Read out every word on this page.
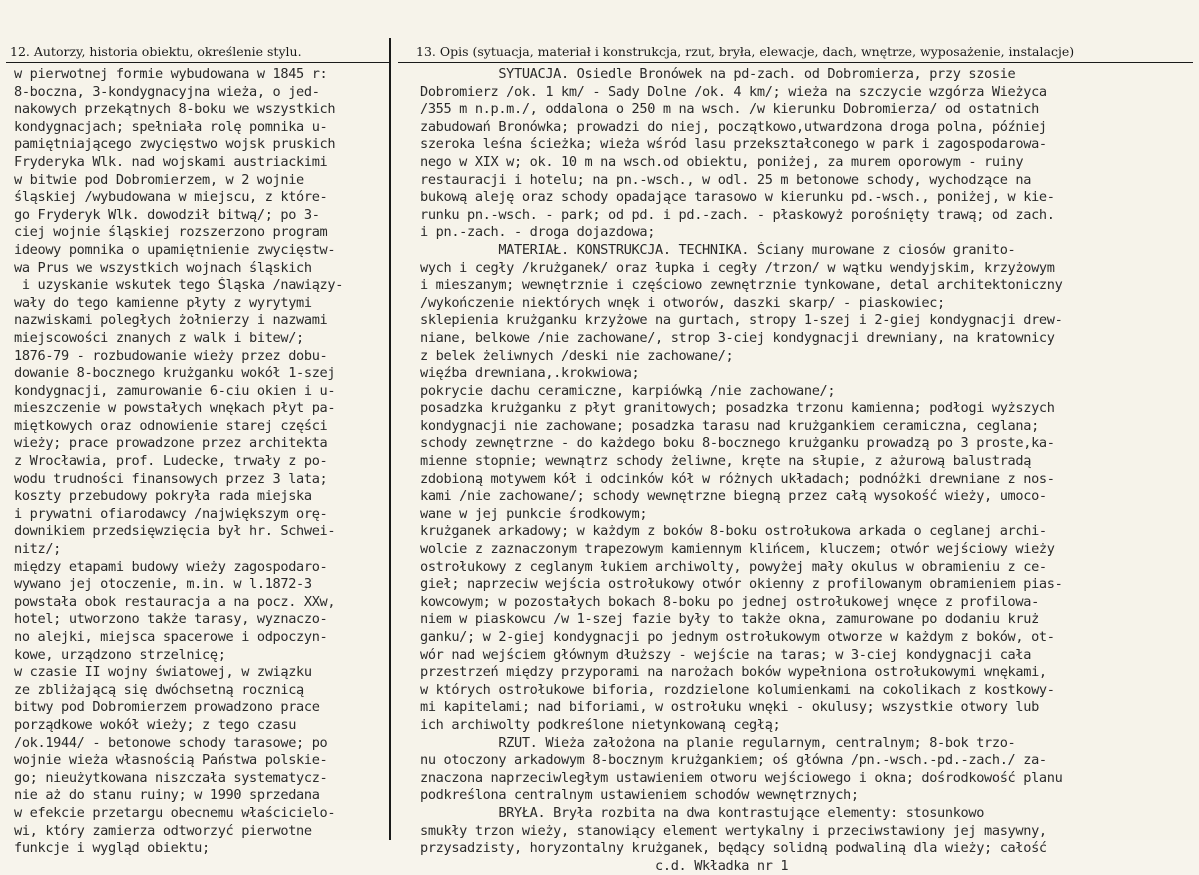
12. Autorzy, historia obiektu, określenie stylu.
w pierwotnej formie wybudowana w 1845 r:
8-boczna, 3-kondygnacyjna wieża, o jed-
nakowych przekątnych 8-boku we wszystkich
kondygnacjach; spełniała rolę pomnika u-
pamiętniającego zwycięstwo wojsk pruskich
Fryderyka Wlk. nad wojskami austriackimi
w bitwie pod Dobromierzem, w 2 wojnie
śląskiej /wybudowana w miejscu, z które-
go Fryderyk Wlk. dowodził bitwą/; po 3-
ciej wojnie śląskiej rozszerzono program
ideowy pomnika o upamiętnienie zwycięstw-
wa Prus we wszystkich wojnach śląskich
i uzyskanie wskutek tego Śląska /nawiązy-
wały do tego kamienne płyty z wyrytymi
nazwiskami poległych żołnierzy i nazwami
miejscowości znanych z walk i bitew/;
1876-79 - rozbudowanie wieży przez dobu-
dowanie 8-bocznego krużganku wokół 1-szej
kondygnacji, zamurowanie 6-ciu okien i u-
mieszczenie w powstałych wnękach płyt pa-
miętkowych oraz odnowienie starej części
wieży; prace prowadzone przez architekta
z Wrocławia, prof. Ludecke, trwały z po-
wodu trudności finansowych przez 3 lata;
koszty przebudowy pokryła rada miejska
i prywatni ofiarodawcy /największym orę-
downikiem przedsięwzięcia był hr. Schwei-
nitz/;
między etapami budowy wieży zagospodaro-
wywano jej otoczenie, m.in. w l.1872-3
powstała obok restauracja a na pocz. XXw,
hotel; utworzono także tarasy, wyznaczo-
no alejki, miejsca spacerowe i odpoczyn-
kowe, urządzono strzelnicę;
w czasie II wojny światowej, w związku
ze zbliżającą się dwóchsetną rocznicą
bitwy pod Dobromierzem prowadzono prace
porządkowe wokół wieży; z tego czasu
/ok.1944/ - betonowe schody tarasowe; po
wojnie wieża własnością Państwa polskie-
go; nieużytkowana niszczała systematycz-
nie aż do stanu ruiny; w 1990 sprzedana
w efekcie przetargu obecnemu właścicielo-
wi, który zamierza odtworzyć pierwotne
funkcje i wygląd obiektu;
13. Opis (sytuacja, materiał i konstrukcja, rzut, bryła, elewacje, dach, wnętrze, wyposażenie, instalacje)
SYTUACJA. Osiedle Bronówek na pd-zach. od Dobromierza, przy szosie
Dobromierz /ok. 1 km/ - Sady Dolne /ok. 4 km/; wieża na szczycie wzgórza Wieżyca
/355 m n.p.m./, oddalona o 250 m na wsch. /w kierunku Dobromierza/ od ostatnich
zabudowań Bronówka; prowadzi do niej, początkowo,utwardzona droga polna, później
szeroka leśna ścieżka; wieża wśród lasu przekształconego w park i zagospodarowa-
nego w XIX w; ok. 10 m na wsch.od obiektu, poniżej, za murem oporowym - ruiny
restauracji i hotelu; na pn.-wsch., w odl. 25 m betonowe schody, wychodzące na
bukową aleję oraz schody opadające tarasowo w kierunku pd.-wsch., poniżej, w kie-
runku pn.-wsch. - park; od pd. i pd.-zach. - płaskowyż porośnięty trawą; od zach.
i pn.-zach. - droga dojazdowa;
MATERIAŁ. KONSTRUKCJA. TECHNIKA. Ściany murowane z ciosów granito-
wych i cegły /krużganek/ oraz łupka i cegły /trzon/ w wątku wendyjskim, krzyżowym
i mieszanym; wewnętrznie i częściowo zewnętrznie tynkowane, detal architektoniczny
/wykończenie niektórych wnęk i otworów, daszki skarp/ - piaskowiec;
sklepienia krużganku krzyżowe na gurtach, stropy 1-szej i 2-giej kondygnacji drew-
niane, belkowe /nie zachowane/, strop 3-ciej kondygnacji drewniany, na kratownicy
z belek żeliwnych /deski nie zachowane/;
więźba drewniana,.krokwiowa;
pokrycie dachu ceramiczne, karpiówką /nie zachowane/;
posadzka krużganku z płyt granitowych; posadzka trzonu kamienna; podłogi wyższych
kondygnacji nie zachowane; posadzka tarasu nad krużgankiem ceramiczna, ceglana;
schody zewnętrzne - do każdego boku 8-bocznego krużganku prowadzą po 3 proste,ka-
mienne stopnie; wewnątrz schody żeliwne, kręte na słupie, z ażurową balustradą
zdobioną motywem kół i odcinków kół w różnych układach; podnóżki drewniane z nos-
kami /nie zachowane/; schody wewnętrzne biegną przez całą wysokość wieży, umoco-
wane w jej punkcie środkowym;
krużganek arkadowy; w każdym z boków 8-boku ostrołukowa arkada o ceglanej archi-
wolcie z zaznaczonym trapezowym kamiennym klińcem, kluczem; otwór wejściowy wieży
ostrołukowy z ceglanym łukiem archiwolty, powyżej mały okulus w obramieniu z ce-
gieł; naprzeciw wejścia ostrołukowy otwór okienny z profilowanym obramieniem pias-
kowcowym; w pozostałych bokach 8-boku po jednej ostrołukowej wnęce z profilowa-
niem w piaskowcu /w 1-szej fazie były to także okna, zamurowane po dodaniu kruż
ganku/; w 2-giej kondygnacji po jednym ostrołukowym otworze w każdym z boków, ot-
wór nad wejściem głównym dłuższy - wejście na taras; w 3-ciej kondygnacji cała
przestrzeń między przyporami na narożach boków wypełniona ostrołukowymi wnękami,
w których ostrołukowe biforia, rozdzielone kolumienkami na cokolikach z kostkowy-
mi kapitelami; nad biforiami, w ostrołuku wnęki - okulusy; wszystkie otwory lub
ich archiwolty podkreślone nietynkowaną cegłą;
RZUT. Wieża założona na planie regularnym, centralnym; 8-bok trzo-
nu otoczony arkadowym 8-bocznym krużgankiem; oś główna /pn.-wsch.-pd.-zach./ za-
znaczona naprzeciwległym ustawieniem otworu wejściowego i okna; dośrodkowość planu
podkreślona centralnym ustawieniem schodów wewnętrznych;
BRYŁA. Bryła rozbita na dwa kontrastujące elementy: stosunkowo
smukły trzon wieży, stanowiący element wertykalny i przeciwstawiony jej masywny,
przysadzisty, horyzontalny krużganek, będący solidną podwaliną dla wieży; całość
c.d. Wkładka nr 1
